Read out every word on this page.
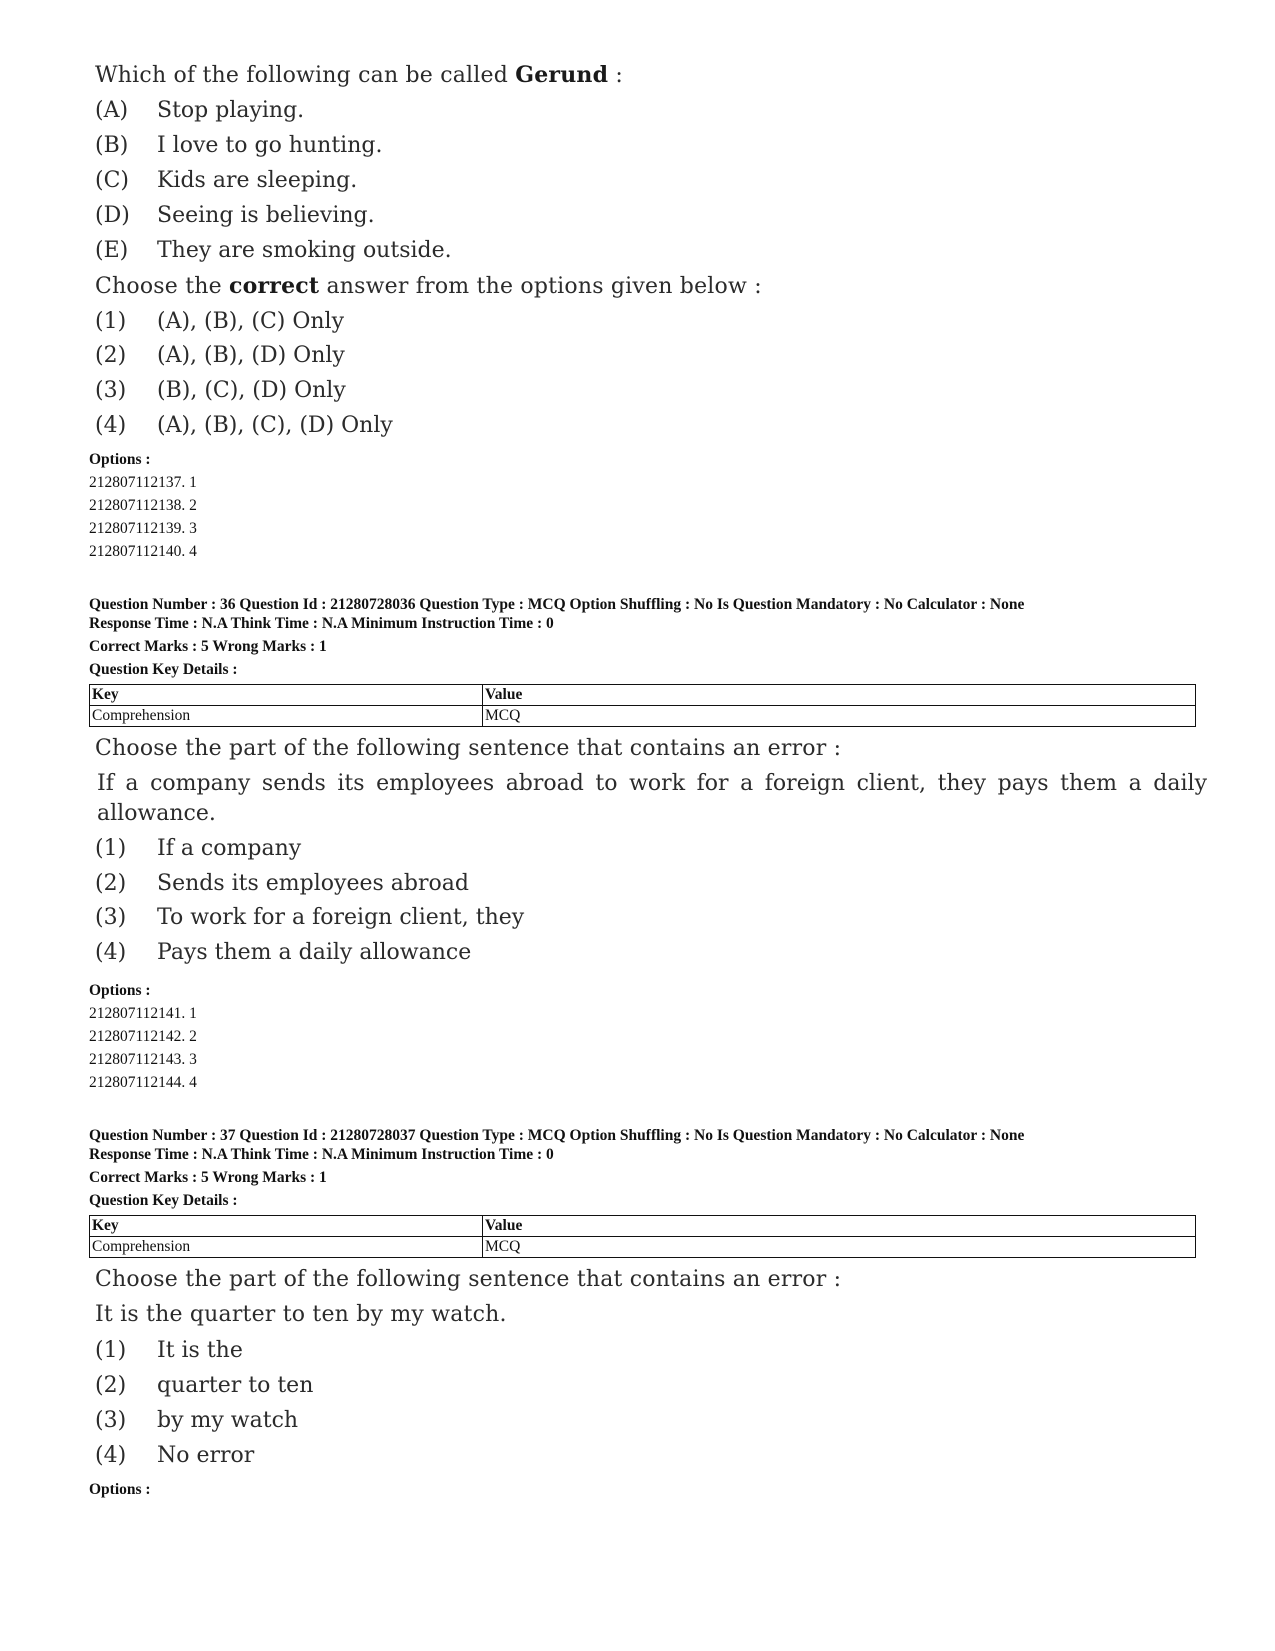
Which of the following can be called Gerund :
(A) Stop playing.
(B) I love to go hunting.
(C) Kids are sleeping.
(D) Seeing is believing.
(E) They are smoking outside.
Choose the correct answer from the options given below :
(1) (A), (B), (C) Only
(2) (A), (B), (D) Only
(3) (B), (C), (D) Only
(4) (A), (B), (C), (D) Only
Options :
212807112137. 1
212807112138. 2
212807112139. 3
212807112140. 4
Question Number : 36 Question Id : 21280728036 Question Type : MCQ Option Shuffling : No Is Question Mandatory : No Calculator : None
Response Time : N.A Think Time : N.A Minimum Instruction Time : 0
Correct Marks : 5 Wrong Marks : 1
Question Key Details :
Key	Value
Comprehension	MCQ
Choose the part of the following sentence that contains an error :
If a company sends its employees abroad to work for a foreign client, they pays them a daily allowance.
(1) If a company
(2) Sends its employees abroad
(3) To work for a foreign client, they
(4) Pays them a daily allowance
Options :
212807112141. 1
212807112142. 2
212807112143. 3
212807112144. 4
Question Number : 37 Question Id : 21280728037 Question Type : MCQ Option Shuffling : No Is Question Mandatory : No Calculator : None
Response Time : N.A Think Time : N.A Minimum Instruction Time : 0
Correct Marks : 5 Wrong Marks : 1
Question Key Details :
Key	Value
Comprehension	MCQ
Choose the part of the following sentence that contains an error :
It is the quarter to ten by my watch.
(1) It is the
(2) quarter to ten
(3) by my watch
(4) No error
Options :
